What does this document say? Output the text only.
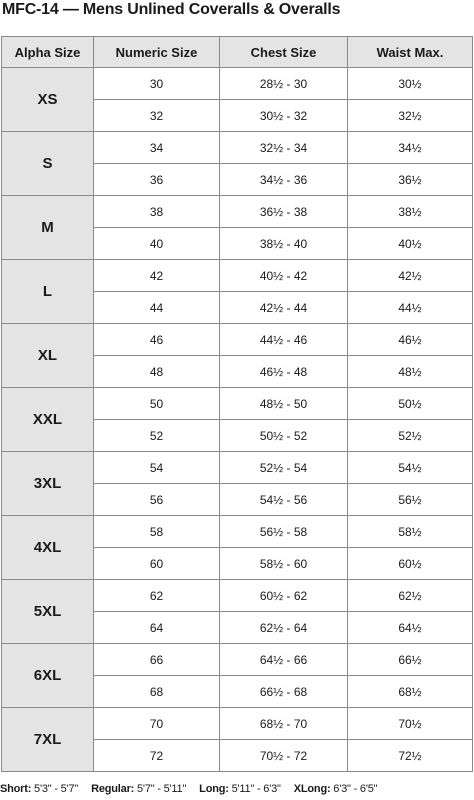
MFC-14 — Mens Unlined Coveralls & Overalls
Alpha Size	Numeric Size	Chest Size	Waist Max.
XS	30	28½ - 30	30½
	32	30½ - 32	32½
S	34	32½ - 34	34½
	36	34½ - 36	36½
M	38	36½ - 38	38½
	40	38½ - 40	40½
L	42	40½ - 42	42½
	44	42½ - 44	44½
XL	46	44½ - 46	46½
	48	46½ - 48	48½
XXL	50	48½ - 50	50½
	52	50½ - 52	52½
3XL	54	52½ - 54	54½
	56	54½ - 56	56½
4XL	58	56½ - 58	58½
	60	58½ - 60	60½
5XL	62	60½ - 62	62½
	64	62½ - 64	64½
6XL	66	64½ - 66	66½
	68	66½ - 68	68½
7XL	70	68½ - 70	70½
	72	70½ - 72	72½
Short: 5'3" - 5'7" Regular: 5'7" - 5'11" Long: 5'11" - 6'3" XLong: 6'3" - 6'5"
